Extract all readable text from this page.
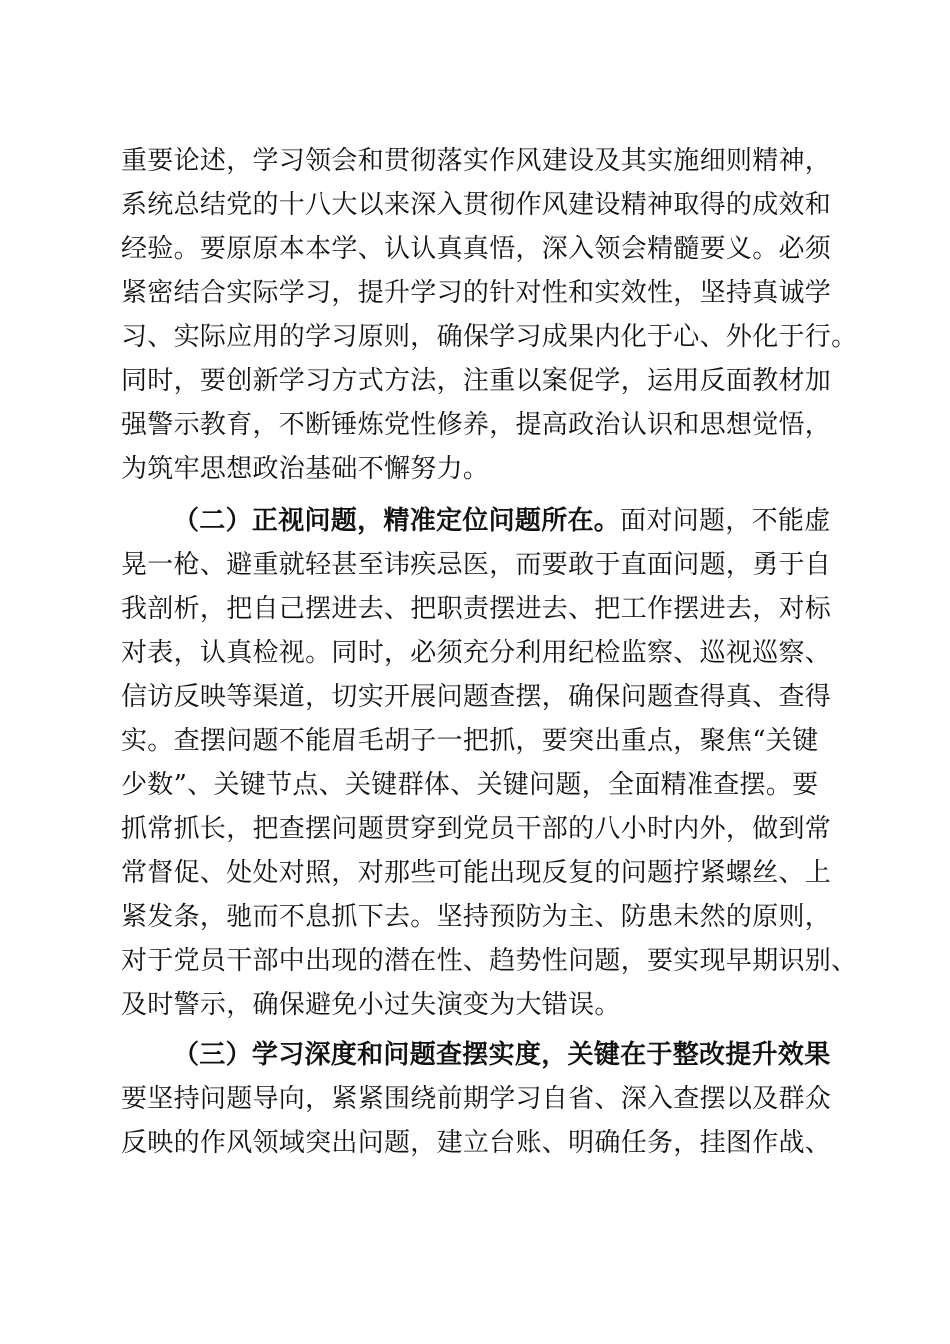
重要论述，学习领会和贯彻落实作风建设及其实施细则精神，
系统总结党的十八大以来深入贯彻作风建设精神取得的成效和
经验。要原原本本学、认认真真悟，深入领会精髓要义。必须
紧密结合实际学习，提升学习的针对性和实效性，坚持真诚学
习、实际应用的学习原则，确保学习成果内化于心、外化于行。
同时，要创新学习方式方法，注重以案促学，运用反面教材加
强警示教育，不断锤炼党性修养，提高政治认识和思想觉悟，
为筑牢思想政治基础不懈努力。
（二）正视问题，精准定位问题所在。面对问题，不能虚
晃一枪、避重就轻甚至讳疾忌医，而要敢于直面问题，勇于自
我剖析，把自己摆进去、把职责摆进去、把工作摆进去，对标
对表，认真检视。同时，必须充分利用纪检监察、巡视巡察、
信访反映等渠道，切实开展问题查摆，确保问题查得真、查得
实。查摆问题不能眉毛胡子一把抓，要突出重点，聚焦“关键
少数”、关键节点、关键群体、关键问题，全面精准查摆。要
抓常抓长，把查摆问题贯穿到党员干部的八小时内外，做到常
常督促、处处对照，对那些可能出现反复的问题拧紧螺丝、上
紧发条，驰而不息抓下去。坚持预防为主、防患未然的原则，
对于党员干部中出现的潜在性、趋势性问题，要实现早期识别、
及时警示，确保避免小过失演变为大错误。
（三）学习深度和问题查摆实度，关键在于整改提升效果
要坚持问题导向，紧紧围绕前期学习自省、深入查摆以及群众
反映的作风领域突出问题，建立台账、明确任务，挂图作战、
